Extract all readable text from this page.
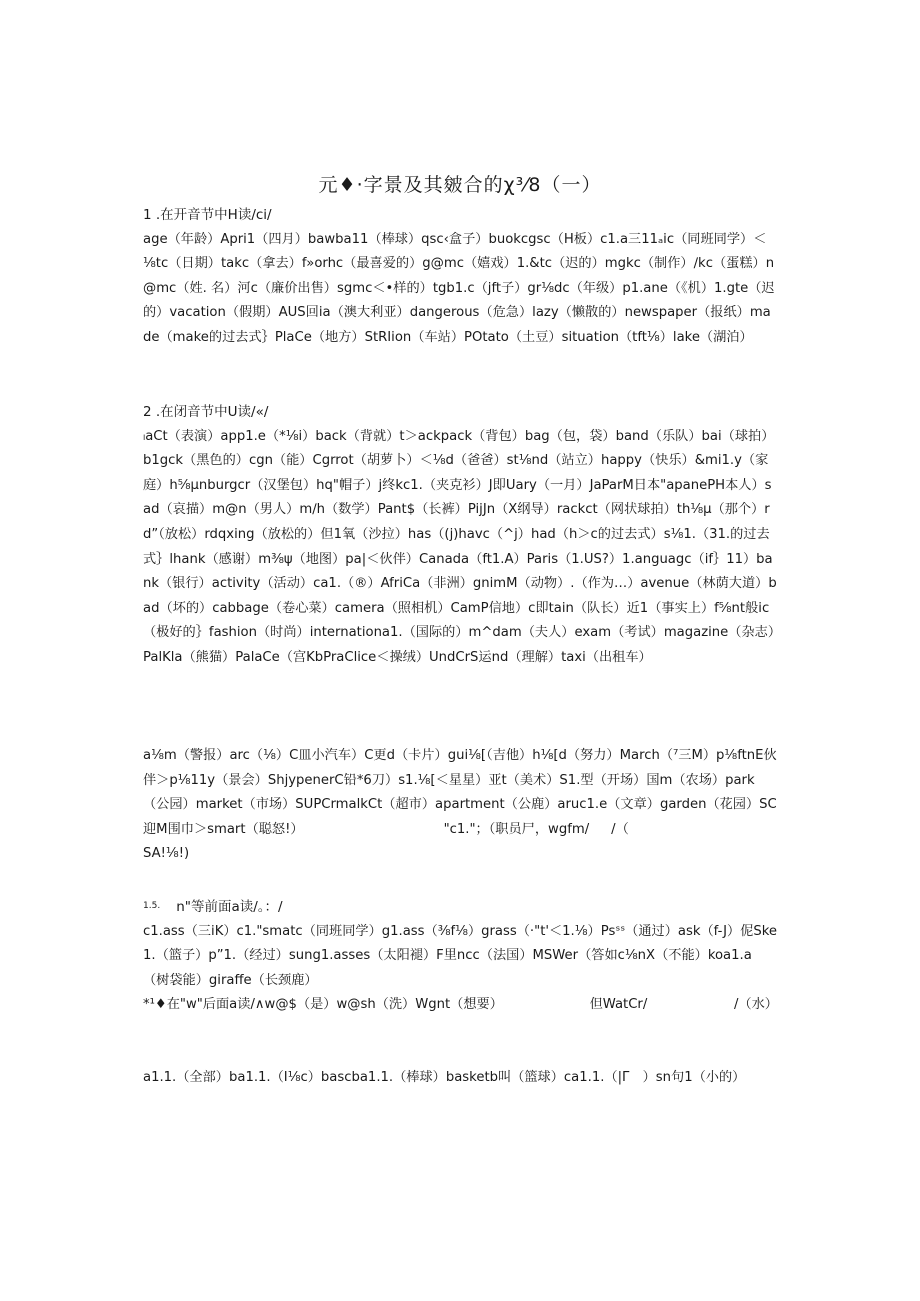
元♦·字景及其皴合的χ³⁄8（一）

1 .在开音节中H读/ci/

age（年龄）Apri1（四月）bawba11（棒球）qsc‹盒子）buokcgsc（H板）c1.a三11ₐic（同班同学）＜⅛tc（日期）takc（拿去）f»orhc（最喜爱的）g@mc（嬉戏）1.&tc（迟的）mgkc（制作）∕kc（蛋糕）n@mc（姓. 名）河c（廉价出售）sgmc＜•样的）tgb1.c（jft子）gr⅛dc（年级）p1.ane（《机）1.gte（迟的）vacation（假期）AUS回ia（澳大利亚）dangerous（危急）lazy（懒散的）newspaper（报纸）made（make的过去式｝PlaCe（地方）StRIion（车站）POtato（土豆）situation（tft⅛）lake（湖泊）

2 .在闭音节中U读/«/

ₗaCt（表演）app1.e（*⅛i）back（背就）t＞ackpack（背包）bag（包，袋）band（乐队）bai（球拍）b1gck（黑色的）cgn（能）Cgrrot（胡萝卜）＜⅛d（爸爸）st⅛nd（站立）happy（快乐）&mi1.y（家庭）h⅝μnburgcr（汉堡包）hq"帽子）j终kc1.（夹克衫）J即Uary（一月）JaParM日本"apanePH本人）sad（哀描）m@n（男人）m∕h（数学）Pant$（长裤）PijJn（X纲导）rackct（网状球拍）th⅛μ（那个）rd”（放松）rdqxing（放松的）但1氧（沙拉）has（(j)havc（^j）had（h＞c的过去式）s⅛1.（31.的过去式｝lhank（感谢）m⅜ψ（地图）pa|＜伙伴）Canada（ft1.A）Paris（1.US?）1.anguagc（if｝11）bank（银行）activity（活动）ca1.（®）AfriCa（非洲）gnimM（动物）.（作为…）avenue（林荫大道）bad（坏的）cabbage（卷心菜）camera（照相机）CamP信地）c即tain（队长）近1（事实上）f⅝nt般ic（极好的｝fashion（时尚）internationa1.（国际的）m^dam（夫人）exam（考试）magazine（杂志）PalKla（熊猫）PalaCe（宫KbPraClice＜操绒）UndCrS运nd（理解）taxi（出租车）

a⅛m（警报）arc（⅛）C皿小汽车）C更d（卡片）gui⅛[（吉他）h⅛[d（努力）March（⁷三M）p⅛ftnE伙伴＞p⅛11y（景会）ShjypenerC铅*6刀）s1.⅛[＜星星）亚t（美术）S1.型（开场）国m（农场）park（公园）market（市场）SUPCrmalkCt（超市）apartment（公鹿）aruc1.e（文章）garden（花园）SC迎M围巾＞smart（聪怒!）	"c1."；（职员尸，wgfm/ /（

SA!⅛!)

$^{1.5.}$ n"等前面a读/。：/

c1.ass（三iK）c1."smatc（同班同学）g1.ass（⅜f⅛）grass（·"t'＜1.⅛）Psˢˢ（通过）ask（f-J）伲Ske1.（篮子）p”1.（经过）sung1.asses（太阳褪）F里ncc（法国）MSWer（答如c⅛nX（不能）koa1.a（树袋能）giraffe（长颈鹿）

*¹♦在"w"后面a读/∧w@$（是）w@sh（洗）Wgnt（想要）	但WatCr/	/（水）

a1.1.（全部）ba1.1.（I⅛c）bascba1.1.（棒球）basketb叫（篮球）ca1.1.（|Γ　）sn句1（小的）
